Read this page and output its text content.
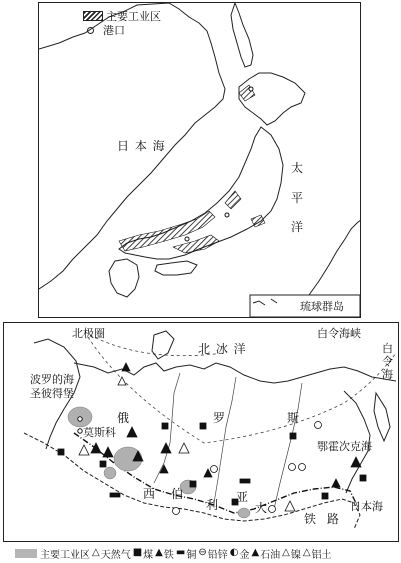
主要工业区
港口
日 本 海
太
平
洋
琉球群岛
北极圈
北 冰 洋
白令海峡
白
令
海
波罗的海
圣彼得堡
莫斯科
俄	罗	斯
鄂霍次克海
西 伯
利
亚
大
铁 路
日本海
主要工业区 △ 天然气 ■ 煤 ▲ 铁 ▬ 铜 ⊖ 铅锌 ◐ 金 ▲ 石油 △ 镍 △ 铝土
